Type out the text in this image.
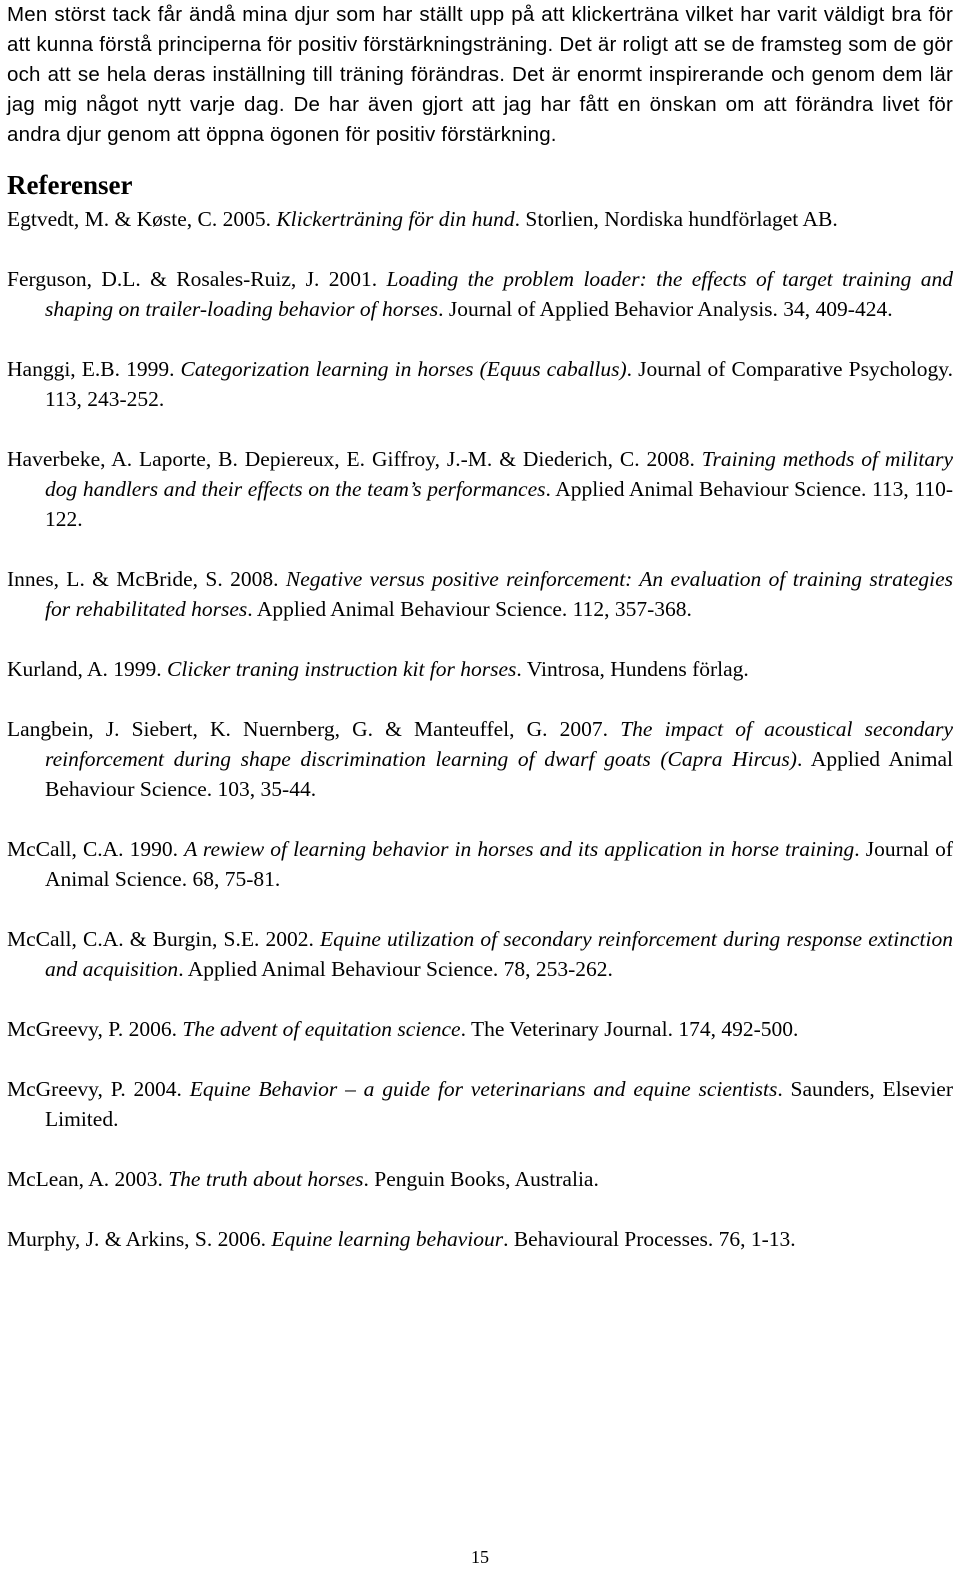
Men störst tack får ändå mina djur som har ställt upp på att klickerträna vilket har varit väldigt bra för att kunna förstå principerna för positiv förstärkningsträning. Det är roligt att se de framsteg som de gör och att se hela deras inställning till träning förändras. Det är enormt inspirerande och genom dem lär jag mig något nytt varje dag. De har även gjort att jag har fått en önskan om att förändra livet för andra djur genom att öppna ögonen för positiv förstärkning.

Referenser
Egtvedt, M. & Køste, C. 2005. Klickerträning för din hund. Storlien, Nordiska hundförlaget AB.
Ferguson, D.L. & Rosales-Ruiz, J. 2001. Loading the problem loader: the effects of target training and shaping on trailer-loading behavior of horses. Journal of Applied Behavior Analysis. 34, 409-424.
Hanggi, E.B. 1999. Categorization learning in horses (Equus caballus). Journal of Comparative Psychology. 113, 243-252.
Haverbeke, A. Laporte, B. Depiereux, E. Giffroy, J.-M. & Diederich, C. 2008. Training methods of military dog handlers and their effects on the team’s performances. Applied Animal Behaviour Science. 113, 110-122.
Innes, L. & McBride, S. 2008. Negative versus positive reinforcement: An evaluation of training strategies for rehabilitated horses. Applied Animal Behaviour Science. 112, 357-368.
Kurland, A. 1999. Clicker traning instruction kit for horses. Vintrosa, Hundens förlag.
Langbein, J. Siebert, K. Nuernberg, G. & Manteuffel, G. 2007. The impact of acoustical secondary reinforcement during shape discrimination learning of dwarf goats (Capra Hircus). Applied Animal Behaviour Science. 103, 35-44.
McCall, C.A. 1990. A rewiew of learning behavior in horses and its application in horse training. Journal of Animal Science. 68, 75-81.
McCall, C.A. & Burgin, S.E. 2002. Equine utilization of secondary reinforcement during response extinction and acquisition. Applied Animal Behaviour Science. 78, 253-262.
McGreevy, P. 2006. The advent of equitation science. The Veterinary Journal. 174, 492-500.
McGreevy, P. 2004. Equine Behavior – a guide for veterinarians and equine scientists. Saunders, Elsevier Limited.
McLean, A. 2003. The truth about horses. Penguin Books, Australia.
Murphy, J. & Arkins, S. 2006. Equine learning behaviour. Behavioural Processes. 76, 1-13.
15
